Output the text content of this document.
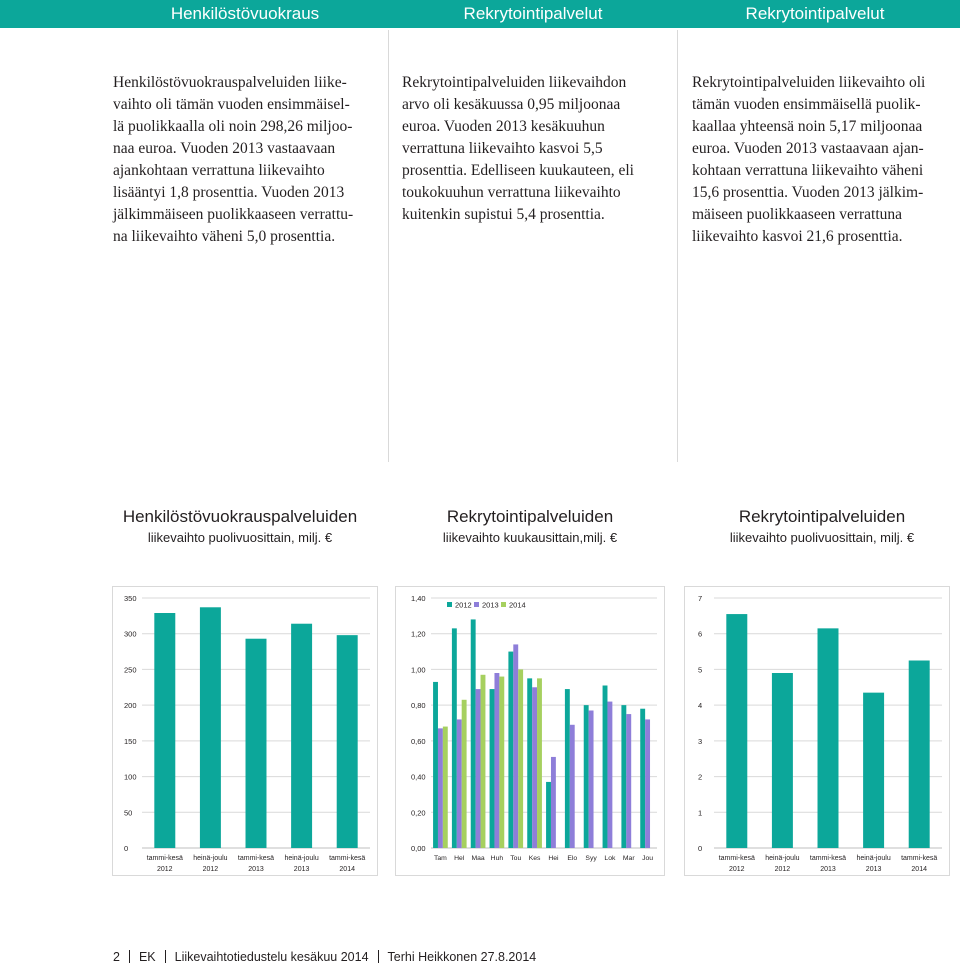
Henkilöstövuokraus	Rekrytointipalvelut	Rekrytointipalvelut
Henkilöstövuokrauspalveluiden liike-
vaihto oli tämän vuoden ensimmäisel-
lä puolikkaalla oli noin 298,26 miljoo-
naa euroa. Vuoden 2013 vastaavaan
ajankohtaan verrattuna liikevaihto
lisääntyi 1,8 prosenttia. Vuoden 2013
jälkimmäiseen puolikkaaseen verrattu-
na liikevaihto väheni 5,0 prosenttia.
Rekrytointipalveluiden liikevaihdon
arvo oli kesäkuussa 0,95 miljoonaa
euroa. Vuoden 2013 kesäkuuhun
verrattuna liikevaihto kasvoi 5,5
prosenttia. Edelliseen kuukauteen, eli
toukokuuhun verrattuna liikevaihto
kuitenkin supistui 5,4 prosenttia.
Rekrytointipalveluiden liikevaihto oli
tämän vuoden ensimmäisellä puolik-
kaallaa yhteensä noin 5,17 miljoonaa
euroa. Vuoden 2013 vastaavaan ajan-
kohtaan verrattuna liikevaihto väheni
15,6 prosenttia. Vuoden 2013 jälkim-
mäiseen puolikkaaseen verrattuna
liikevaihto kasvoi 21,6 prosenttia.
Henkilöstövuokrauspalveluiden
liikevaihto puolivuosittain, milj. €
Rekrytointipalveluiden
liikevaihto kuukausittain,milj. €
Rekrytointipalveluiden
liikevaihto puolivuosittain, milj. €
0
50
100
150
200
250
300
350
tammi-kesä
2012
heinä-joulu
2012
tammi-kesä
2013
heinä-joulu
2013
tammi-kesä
2014
0,00
0,20
0,40
0,60
0,80
1,00
1,20
1,40
Tam Hel Maa Huh Tou Kes Hei Elo Syy Lok Mar Jou
2012 2013 2014
0
1
2
3
4
5
6
7
tammi-kesä
2012
heinä-joulu
2012
tammi-kesä
2013
heinä-joulu
2013
tammi-kesä
2014
2 EK Liikevaihtotiedustelu kesäkuu 2014 Terhi Heikkonen 27.8.2014
